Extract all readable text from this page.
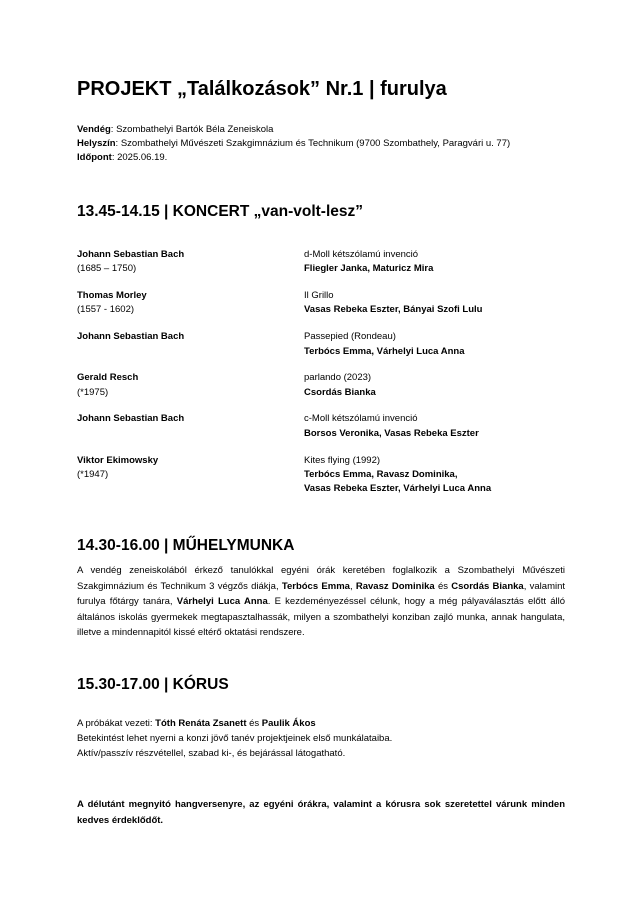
PROJEKT „Találkozások” Nr.1 | furulya
Vendég: Szombathelyi Bartók Béla Zeneiskola
Helyszín: Szombathelyi Művészeti Szakgimnázium és Technikum (9700 Szombathely, Paragvári u. 77)
Időpont: 2025.06.19.
13.45-14.15 | KONCERT „van-volt-lesz”
Johann Sebastian Bach
(1685 – 1750)
d-Moll kétszólamú invenció
Fliegler Janka, Maturicz Mira
Thomas Morley
(1557 - 1602)
Il Grillo
Vasas Rebeka Eszter, Bányai Szofi Lulu
Johann Sebastian Bach	Passepied (Rondeau)
Terbócs Emma, Várhelyi Luca Anna
Gerald Resch
(*1975)
parlando (2023)
Csordás Bianka
Johann Sebastian Bach	c-Moll kétszólamú invenció
Borsos Veronika, Vasas Rebeka Eszter
Viktor Ekimowsky
(*1947)
Kites flying (1992)
Terbócs Emma, Ravasz Dominika,
Vasas Rebeka Eszter, Várhelyi Luca Anna
14.30-16.00 | MŰHELYMUNKA

A vendég zeneiskolából érkező tanulókkal egyéni órák keretében foglalkozik a Szombathelyi Művészeti Szakgimnázium és Technikum 3 végzős diákja, Terbócs Emma, Ravasz Dominika és Csordás Bianka, valamint furulya főtárgy tanára, Várhelyi Luca Anna. E kezdeményezéssel célunk, hogy a még pályaválasztás előtt álló általános iskolás gyermekek megtapasztalhassák, milyen a szombathelyi konziban zajló munka, annak hangulata, illetve a mindennapitól kissé eltérő oktatási rendszere.

15.30-17.00 | KÓRUS
A próbákat vezeti: Tóth Renáta Zsanett és Paulik Ákos
Betekintést lehet nyerni a konzi jövő tanév projektjeinek első munkálataiba.
Aktív/passzív részvétellel, szabad ki-, és bejárással látogatható.

A délutánt megnyitó hangversenyre, az egyéni órákra, valamint a kórusra sok szeretettel várunk minden kedves érdeklődőt.
